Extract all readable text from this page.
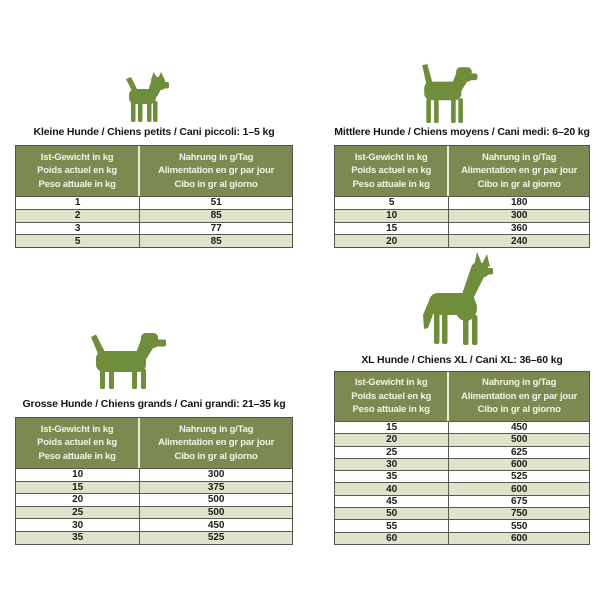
Kleine Hunde / Chiens petits / Cani piccoli: 1–5 kg
Ist-Gewicht in kg
Poids actuel en kg
Peso attuale in kg
Nahrung in g/Tag
Alimentation en gr par jour
Cibo in gr al giorno
1	51
2	85
3	77
5	85
Mittlere Hunde / Chiens moyens / Cani medi: 6–20 kg
Ist-Gewicht in kg
Poids actuel en kg
Peso attuale in kg
Nahrung in g/Tag
Alimentation en gr par jour
Cibo in gr al giorno
5	180
10	300
15	360
20	240
Grosse Hunde / Chiens grands / Cani grandi: 21–35 kg
Ist-Gewicht in kg
Poids actuel en kg
Peso attuale in kg
Nahrung in g/Tag
Alimentation en gr par jour
Cibo in gr al giorno
10	300
15	375
20	500
25	500
30	450
35	525
XL Hunde / Chiens XL / Cani XL: 36–60 kg
Ist-Gewicht in kg
Poids actuel en kg
Peso attuale in kg
Nahrung in g/Tag
Alimentation en gr par jour
Cibo in gr al giorno
15	450
20	500
25	625
30	600
35	525
40	600
45	675
50	750
55	550
60	600
